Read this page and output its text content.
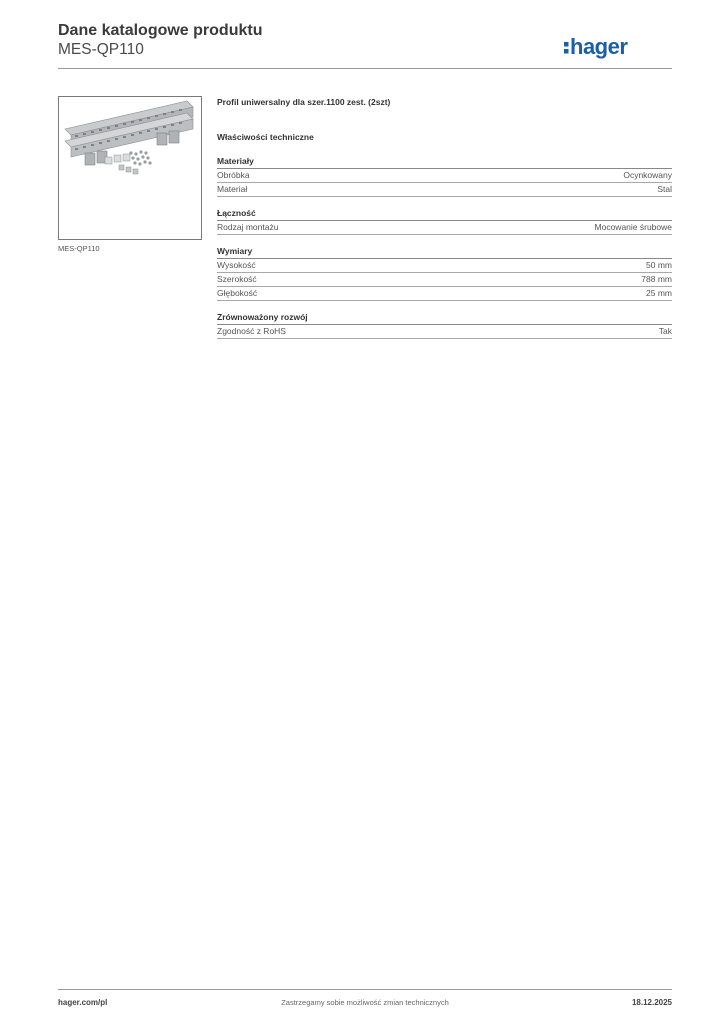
Dane katalogowe produktu
MES-QP110	hager
MES-QP110
Profil uniwersalny dla szer.1100 zest. (2szt)
Właściwości techniczne
Materiały
Obróbka	Ocynkowany
Materiał	Stal
Łączność
Rodzaj montażu	Mocowanie śrubowe
Wymiary
Wysokość	50 mm
Szerokość	788 mm
Głębokość	25 mm
Zrównoważony rozwój
Zgodność z RoHS	Tak
hager.com/pl	Zastrzegamy sobie możliwość zmian technicznych	18.12.2025
